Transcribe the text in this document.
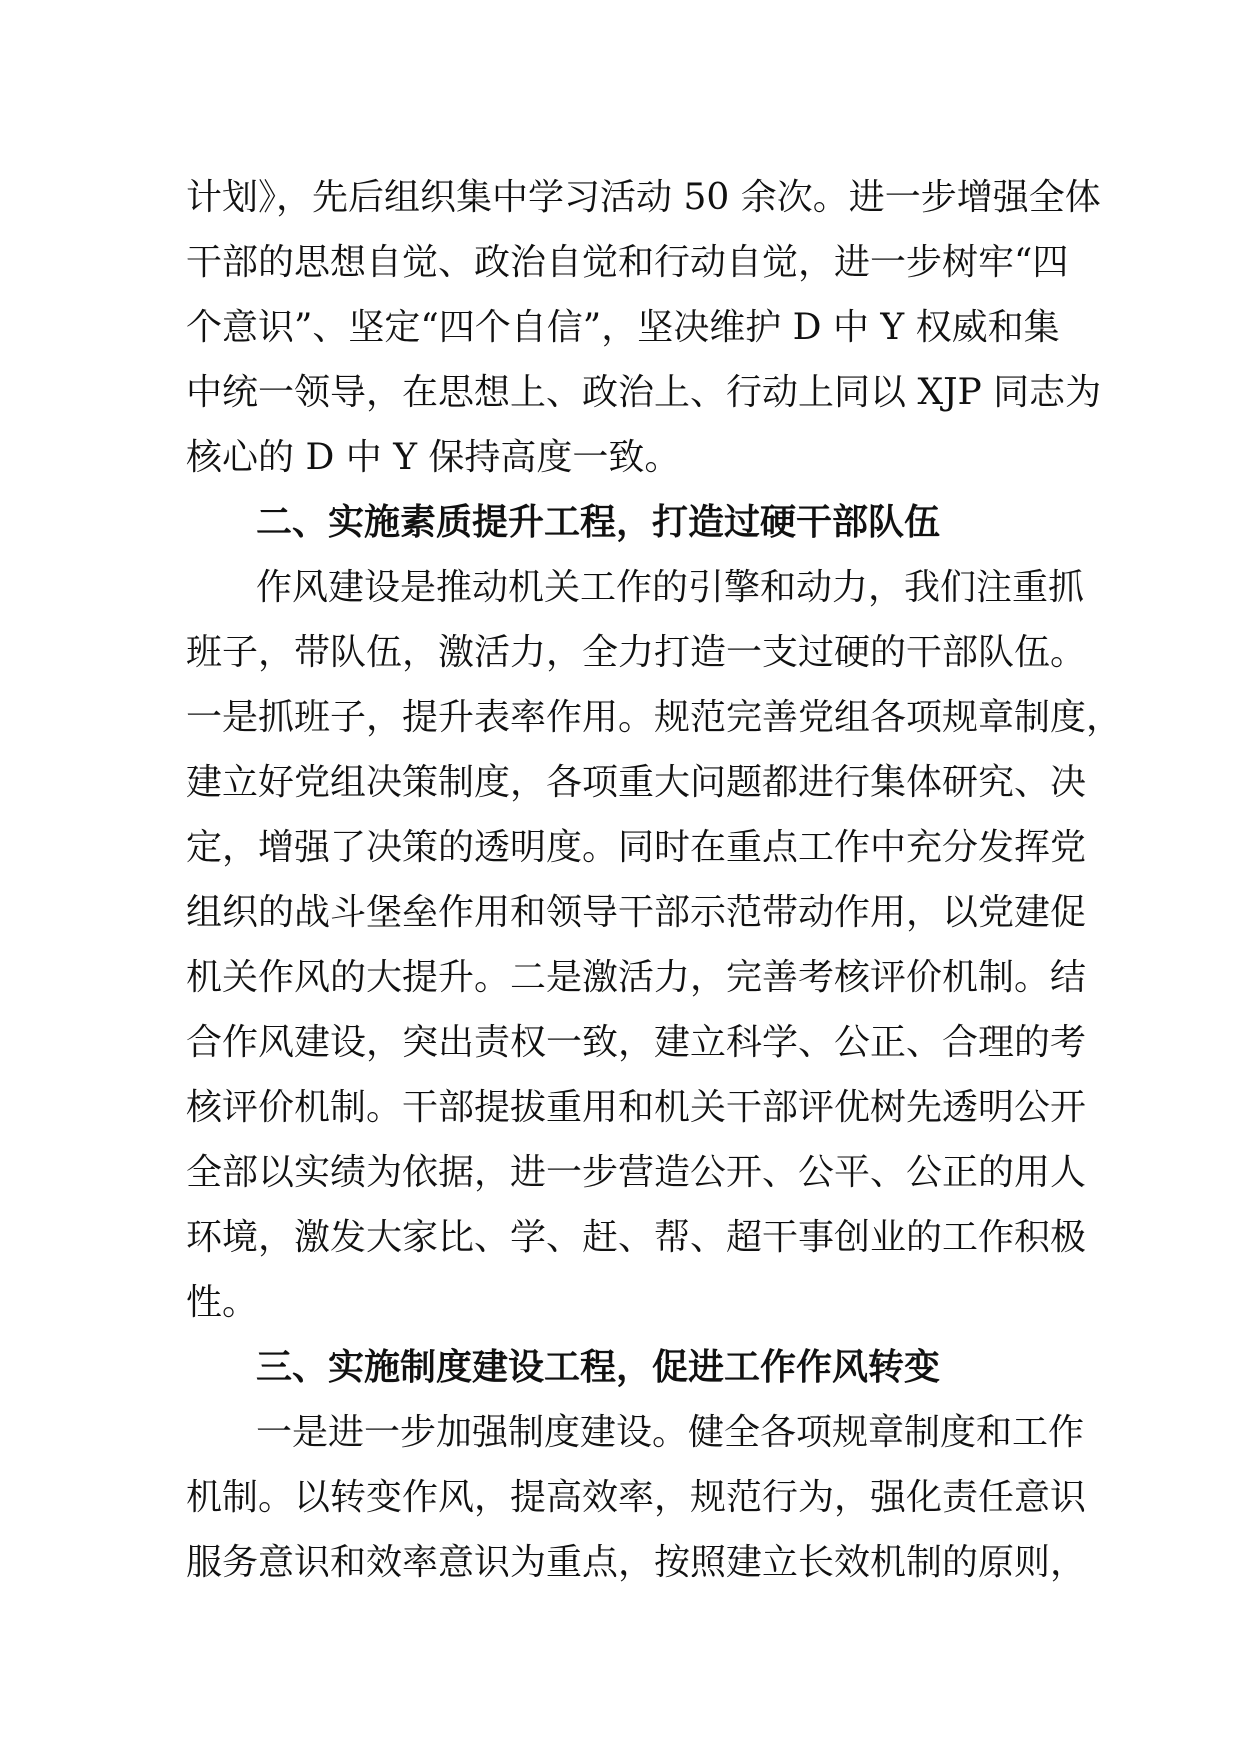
计划》，先后组织集中学习活动 50 余次。进一步增强全体
干部的思想自觉、政治自觉和行动自觉，进一步树牢“四
个意识”、坚定“四个自信”，坚决维护 D 中 Y 权威和集
中统一领导，在思想上、政治上、行动上同以 XJP 同志为
核心的 D 中 Y 保持高度一致。
二、实施素质提升工程，打造过硬干部队伍
作风建设是推动机关工作的引擎和动力，我们注重抓
班子，带队伍，激活力，全力打造一支过硬的干部队伍。
一是抓班子，提升表率作用。规范完善党组各项规章制度，
建立好党组决策制度，各项重大问题都进行集体研究、决
定，增强了决策的透明度。同时在重点工作中充分发挥党
组织的战斗堡垒作用和领导干部示范带动作用，以党建促
机关作风的大提升。二是激活力，完善考核评价机制。结
合作风建设，突出责权一致，建立科学、公正、合理的考
核评价机制。干部提拔重用和机关干部评优树先透明公开
全部以实绩为依据，进一步营造公开、公平、公正的用人
环境，激发大家比、学、赶、帮、超干事创业的工作积极
性。
三、实施制度建设工程，促进工作作风转变
一是进一步加强制度建设。健全各项规章制度和工作
机制。以转变作风，提高效率，规范行为，强化责任意识
服务意识和效率意识为重点，按照建立长效机制的原则，
